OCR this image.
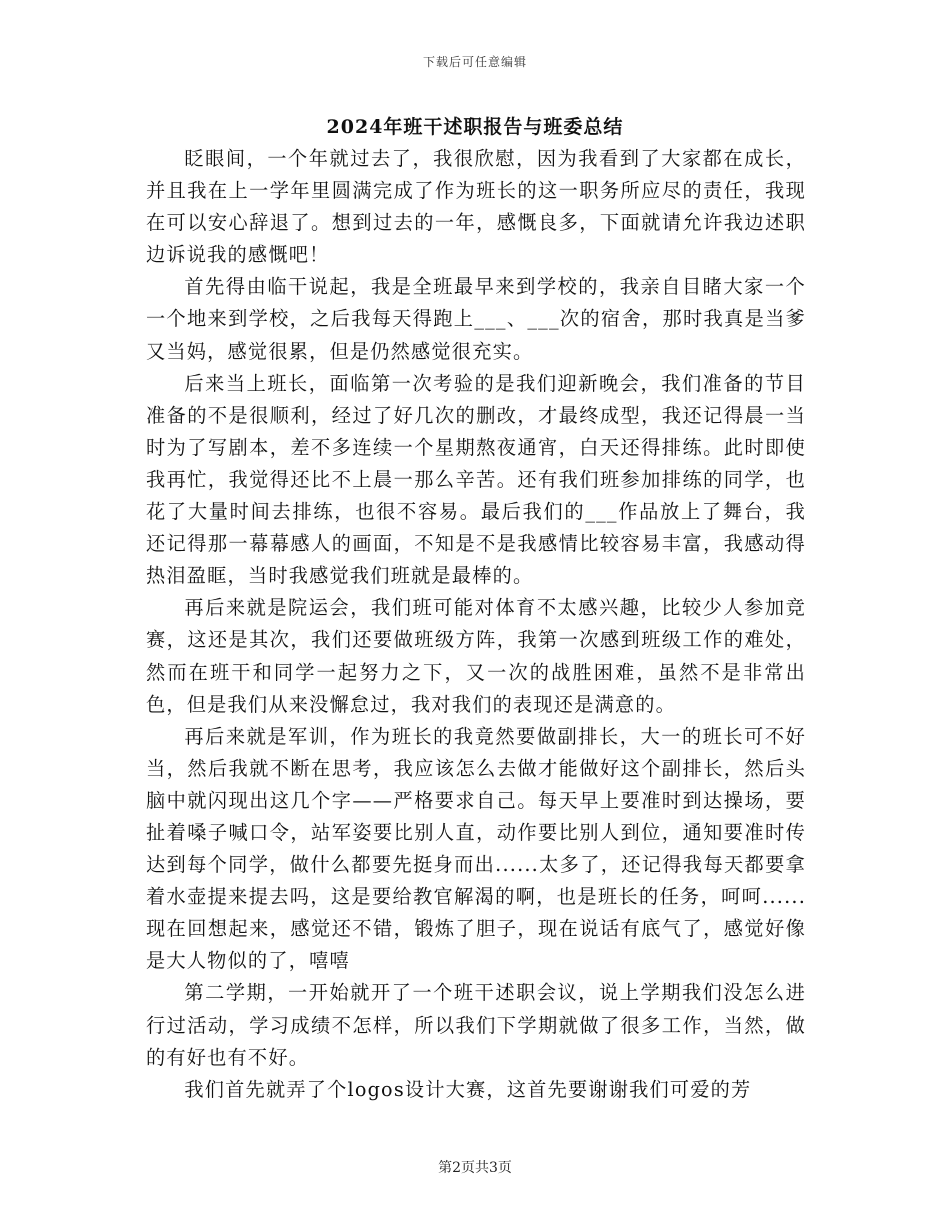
下载后可任意编辑
2024年班干述职报告与班委总结

眨眼间，一个年就过去了，我很欣慰，因为我看到了大家都在成长，并且我在上一学年里圆满完成了作为班长的这一职务所应尽的责任，我现在可以安心辞退了。想到过去的一年，感慨良多，下面就请允许我边述职边诉说我的感慨吧！

首先得由临干说起，我是全班最早来到学校的，我亲自目睹大家一个一个地来到学校，之后我每天得跑上___、___次的宿舍，那时我真是当爹又当妈，感觉很累，但是仍然感觉很充实。

后来当上班长，面临第一次考验的是我们迎新晚会，我们准备的节目准备的不是很顺利，经过了好几次的删改，才最终成型，我还记得晨一当时为了写剧本，差不多连续一个星期熬夜通宵，白天还得排练。此时即使我再忙，我觉得还比不上晨一那么辛苦。还有我们班参加排练的同学，也花了大量时间去排练，也很不容易。最后我们的___作品放上了舞台，我还记得那一幕幕感人的画面，不知是不是我感情比较容易丰富，我感动得热泪盈眶，当时我感觉我们班就是最棒的。

再后来就是院运会，我们班可能对体育不太感兴趣，比较少人参加竞赛，这还是其次，我们还要做班级方阵，我第一次感到班级工作的难处，然而在班干和同学一起努力之下，又一次的战胜困难，虽然不是非常出色，但是我们从来没懈怠过，我对我们的表现还是满意的。

再后来就是军训，作为班长的我竟然要做副排长，大一的班长可不好当，然后我就不断在思考，我应该怎么去做才能做好这个副排长，然后头脑中就闪现出这几个字——严格要求自己。每天早上要准时到达操场，要扯着嗓子喊口令，站军姿要比别人直，动作要比别人到位，通知要准时传达到每个同学，做什么都要先挺身而出......太多了，还记得我每天都要拿着水壶提来提去吗，这是要给教官解渴的啊，也是班长的任务，呵呵......现在回想起来，感觉还不错，锻炼了胆子，现在说话有底气了，感觉好像是大人物似的了，嘻嘻

第二学期，一开始就开了一个班干述职会议，说上学期我们没怎么进行过活动，学习成绩不怎样，所以我们下学期就做了很多工作，当然，做的有好也有不好。

我们首先就弄了个logos设计大赛，这首先要谢谢我们可爱的芳

第2页共3页
